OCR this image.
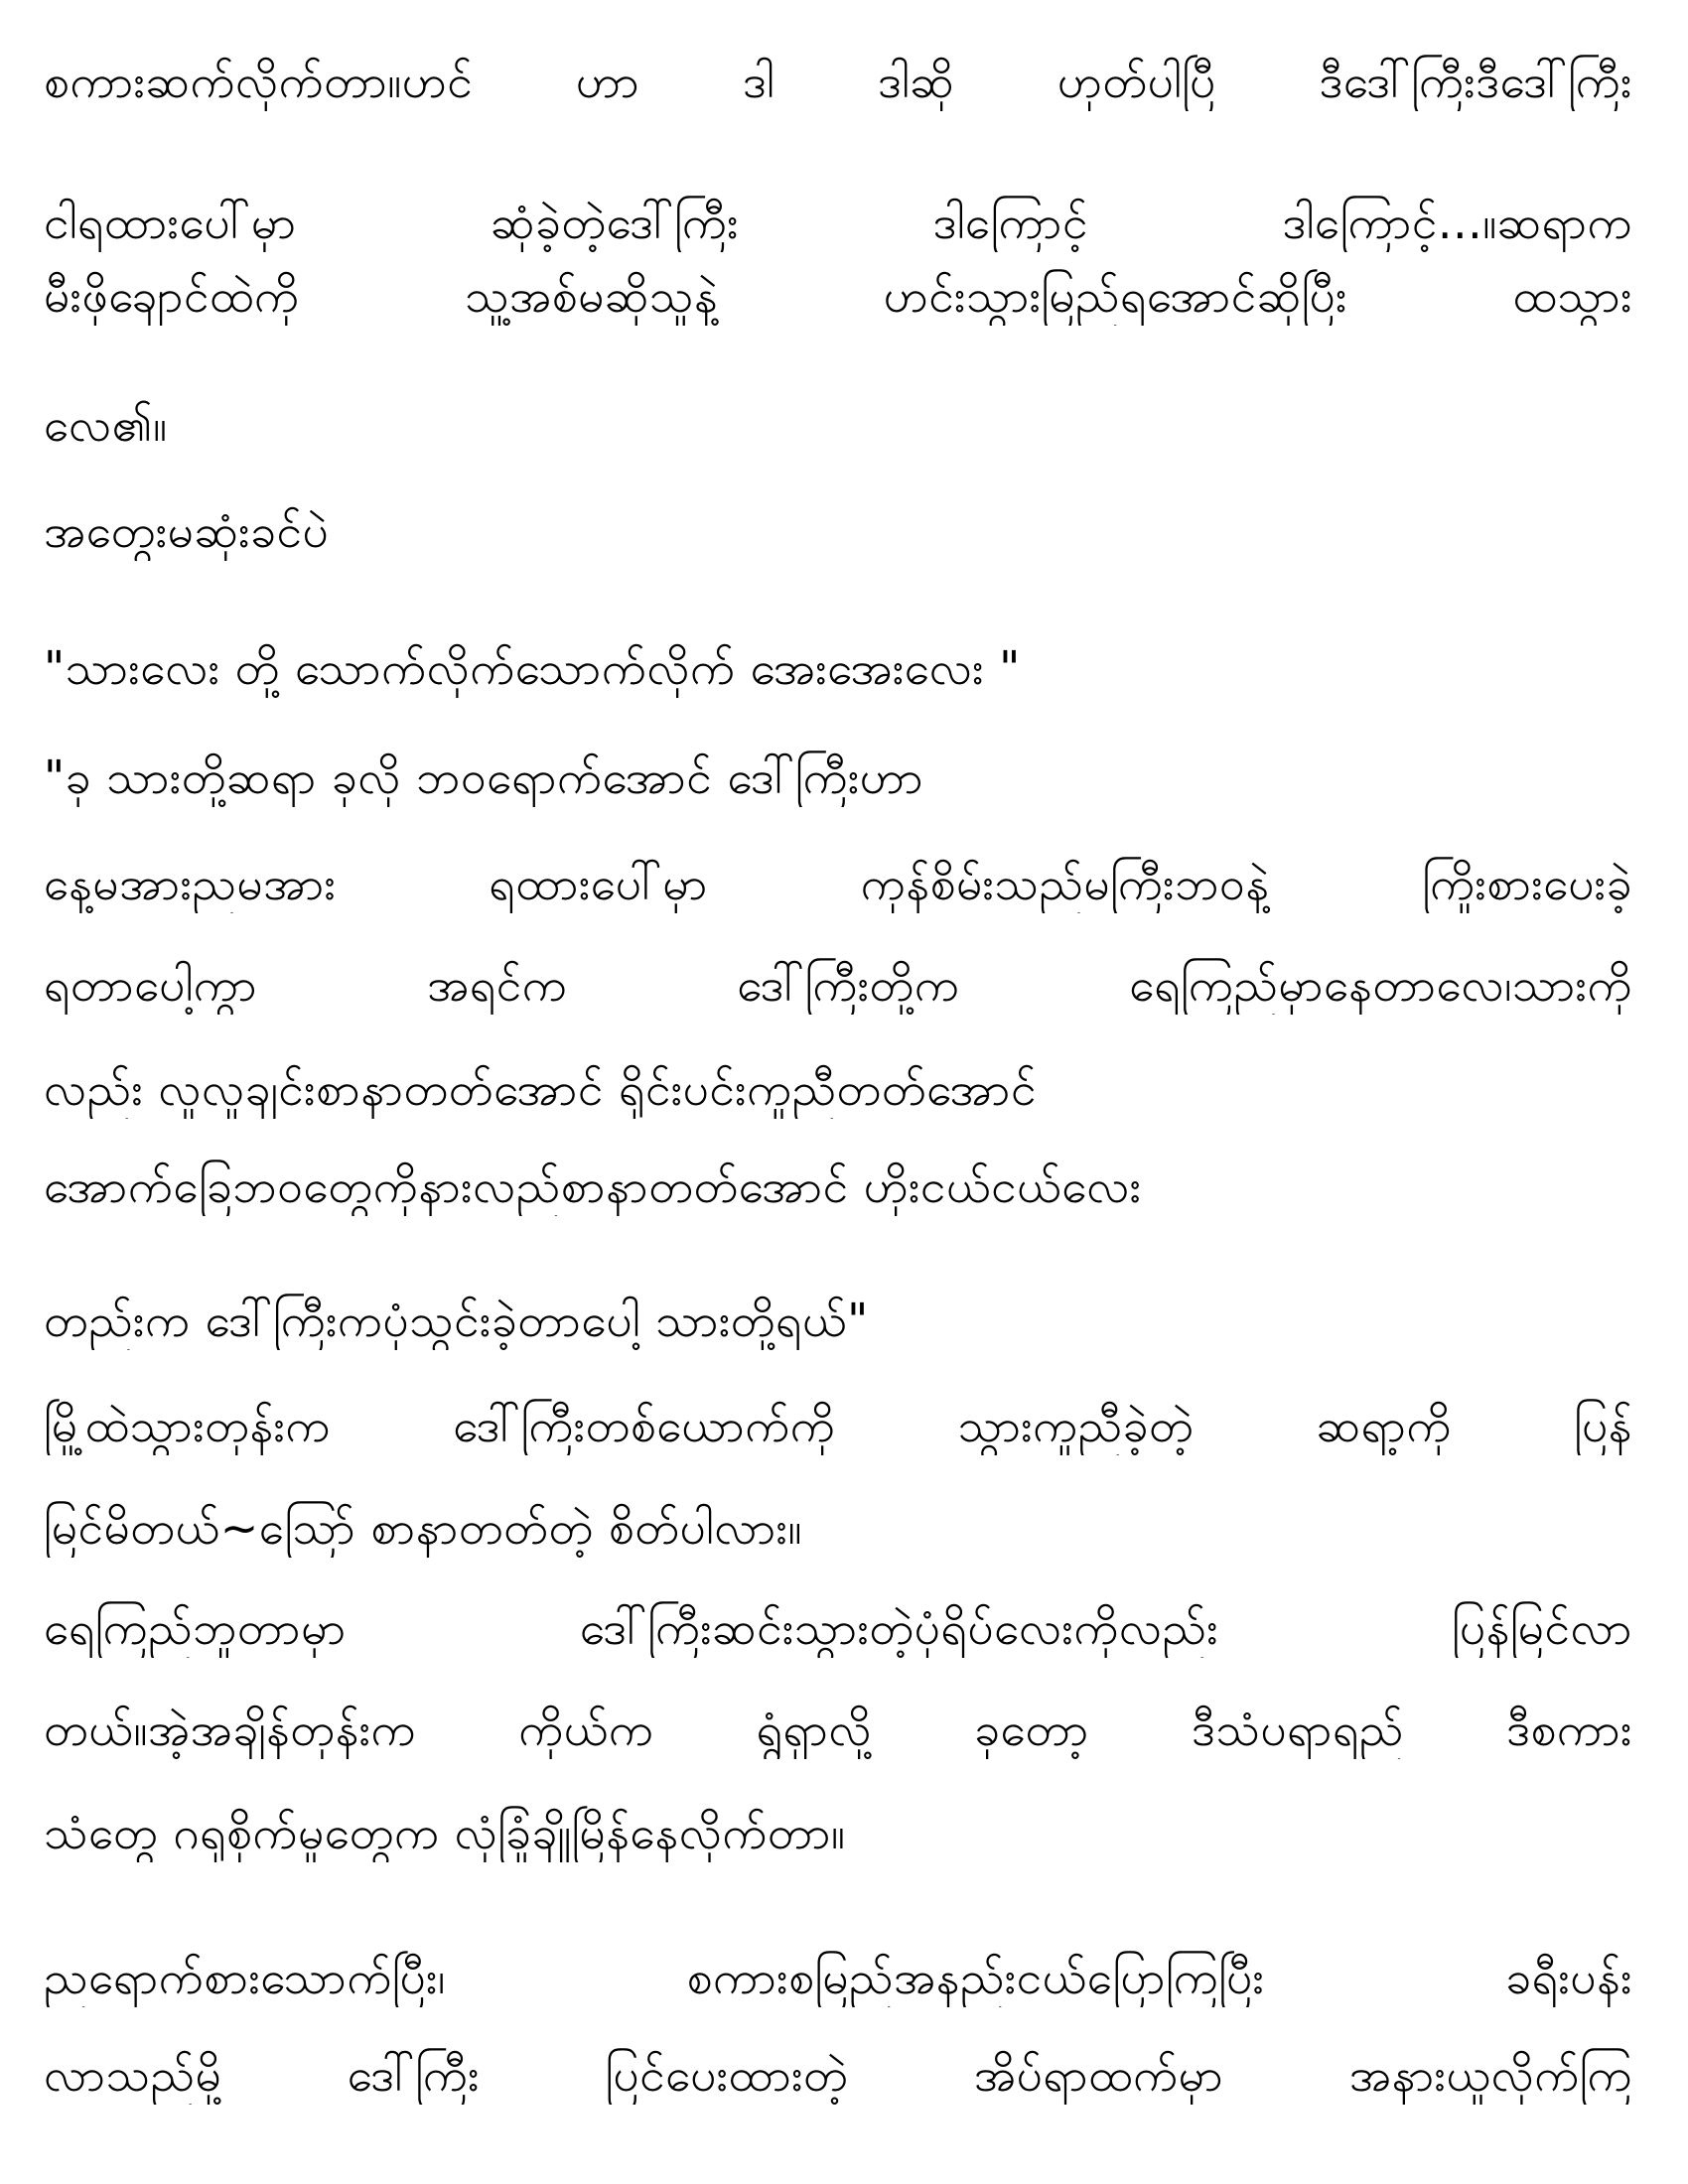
စကားဆက်လိုက်တာ။ဟင် ဟာ ဒါ ဒါဆို ဟုတ်ပါပြီ ဒီဒေါ်ကြီးဒီဒေါ်ကြီး
ငါရထားပေါ်မှာ ဆုံခဲ့တဲ့ဒေါ်ကြီး ဒါကြောင့် ဒါကြောင့်...။ဆရာက
မီးဖိုချောင်ထဲကို သူ့အစ်မဆိုသူနဲ့ ဟင်းသွားမြည်ရအောင်ဆိုပြီး ထသွား
လေ၏။
အတွေးမဆုံးခင်ပဲ
"သားလေး တို့ သောက်လိုက်သောက်လိုက် အေးအေးလေး "
"ခု သားတို့ဆရာ ခုလို ဘဝရောက်အောင် ဒေါ်ကြီးဟာ
နေ့မအားညမအား ရထားပေါ်မှာ ကုန်စိမ်းသည်မကြီးဘဝနဲ့ ကြိုးစားပေးခဲ့
ရတာပေါ့ကွာ အရင်က ဒေါ်ကြီးတို့က ရေကြည်မှာနေတာလေ၊သားကို
လည်း လူလူချင်းစာနာတတ်အောင် ရိုင်းပင်းကူညီတတ်အောင်
အောက်ခြေဘဝတွေကိုနားလည်စာနာတတ်အောင် ဟိုးငယ်ငယ်လေး
တည်းက ဒေါ်ကြီးကပုံသွင်းခဲ့တာပေါ့ သားတို့ရယ်"
မြို့ထဲသွားတုန်းက ဒေါ်ကြီးတစ်ယောက်ကို သွားကူညီခဲ့တဲ့ ဆရာ့ကို ပြန်
မြင်မိတယ်~သြော် စာနာတတ်တဲ့ စိတ်ပါလား။
ရေကြည်ဘူတာမှာ ဒေါ်ကြီးဆင်းသွားတဲ့ပုံရိပ်လေးကိုလည်း ပြန်မြင်လာ
တယ်။အဲ့အချိန်တုန်းက ကိုယ်က ရွံရှာလို့ ခုတော့ ဒီသံပရာရည် ဒီစကား
သံတွေ ဂရုစိုက်မှုတွေက လုံခြုံချိုမြိန်နေလိုက်တာ။
ညရောက်စားသောက်ပြီး၊ စကားစမြည်အနည်းငယ်ပြောကြပြီး ခရီးပန်း
လာသည်မို့ ဒေါ်ကြီး ပြင်ပေးထားတဲ့ အိပ်ရာထက်မှာ အနားယူလိုက်ကြ
